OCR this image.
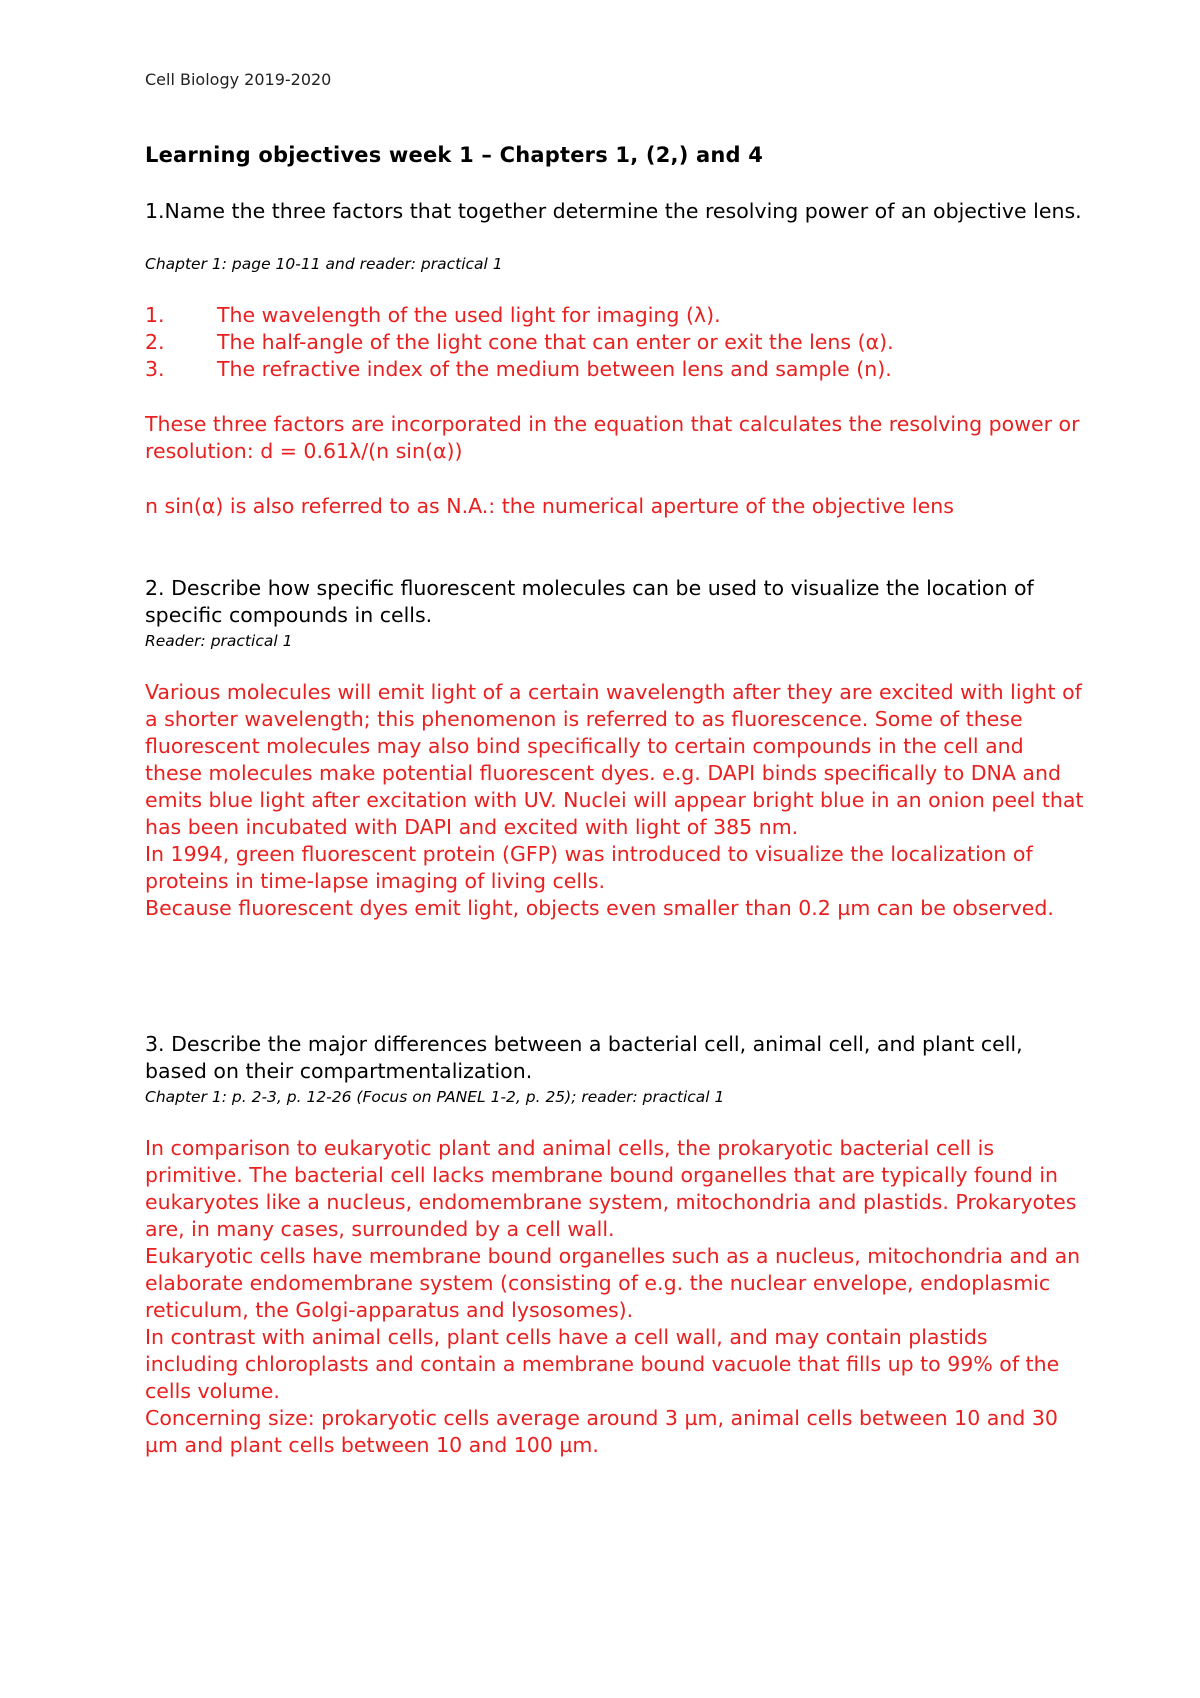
Cell Biology 2019-2020
Learning objectives week 1 – Chapters 1, (2,) and 4
1.Name the three factors that together determine the resolving power of an objective lens.
Chapter 1: page 10-11 and reader: practical 1
1.	The wavelength of the used light for imaging (λ).
2.	The half-angle of the light cone that can enter or exit the lens (α).
3.	The refractive index of the medium between lens and sample (n).

These three factors are incorporated in the equation that calculates the resolving power or resolution: d = 0.61λ/(n sin(α))

n sin(α) is also referred to as N.A.: the numerical aperture of the objective lens

2. Describe how specific fluorescent molecules can be used to visualize the location of specific compounds in cells.
Reader: practical 1

Various molecules will emit light of a certain wavelength after they are excited with light of a shorter wavelength; this phenomenon is referred to as fluorescence. Some of these fluorescent molecules may also bind specifically to certain compounds in the cell and these molecules make potential fluorescent dyes. e.g. DAPI binds specifically to DNA and emits blue light after excitation with UV. Nuclei will appear bright blue in an onion peel that has been incubated with DAPI and excited with light of 385 nm.

In 1994, green fluorescent protein (GFP) was introduced to visualize the localization of proteins in time-lapse imaging of living cells.

Because fluorescent dyes emit light, objects even smaller than 0.2 µm can be observed.

3. Describe the major differences between a bacterial cell, animal cell, and plant cell, based on their compartmentalization.
Chapter 1: p. 2-3, p. 12-26 (Focus on PANEL 1-2, p. 25); reader: practical 1

In comparison to eukaryotic plant and animal cells, the prokaryotic bacterial cell is primitive. The bacterial cell lacks membrane bound organelles that are typically found in eukaryotes like a nucleus, endomembrane system, mitochondria and plastids. Prokaryotes are, in many cases, surrounded by a cell wall.

Eukaryotic cells have membrane bound organelles such as a nucleus, mitochondria and an elaborate endomembrane system (consisting of e.g. the nuclear envelope, endoplasmic reticulum, the Golgi-apparatus and lysosomes).

In contrast with animal cells, plant cells have a cell wall, and may contain plastids including chloroplasts and contain a membrane bound vacuole that fills up to 99% of the cells volume.

Concerning size: prokaryotic cells average around 3 µm, animal cells between 10 and 30 µm and plant cells between 10 and 100 µm.
